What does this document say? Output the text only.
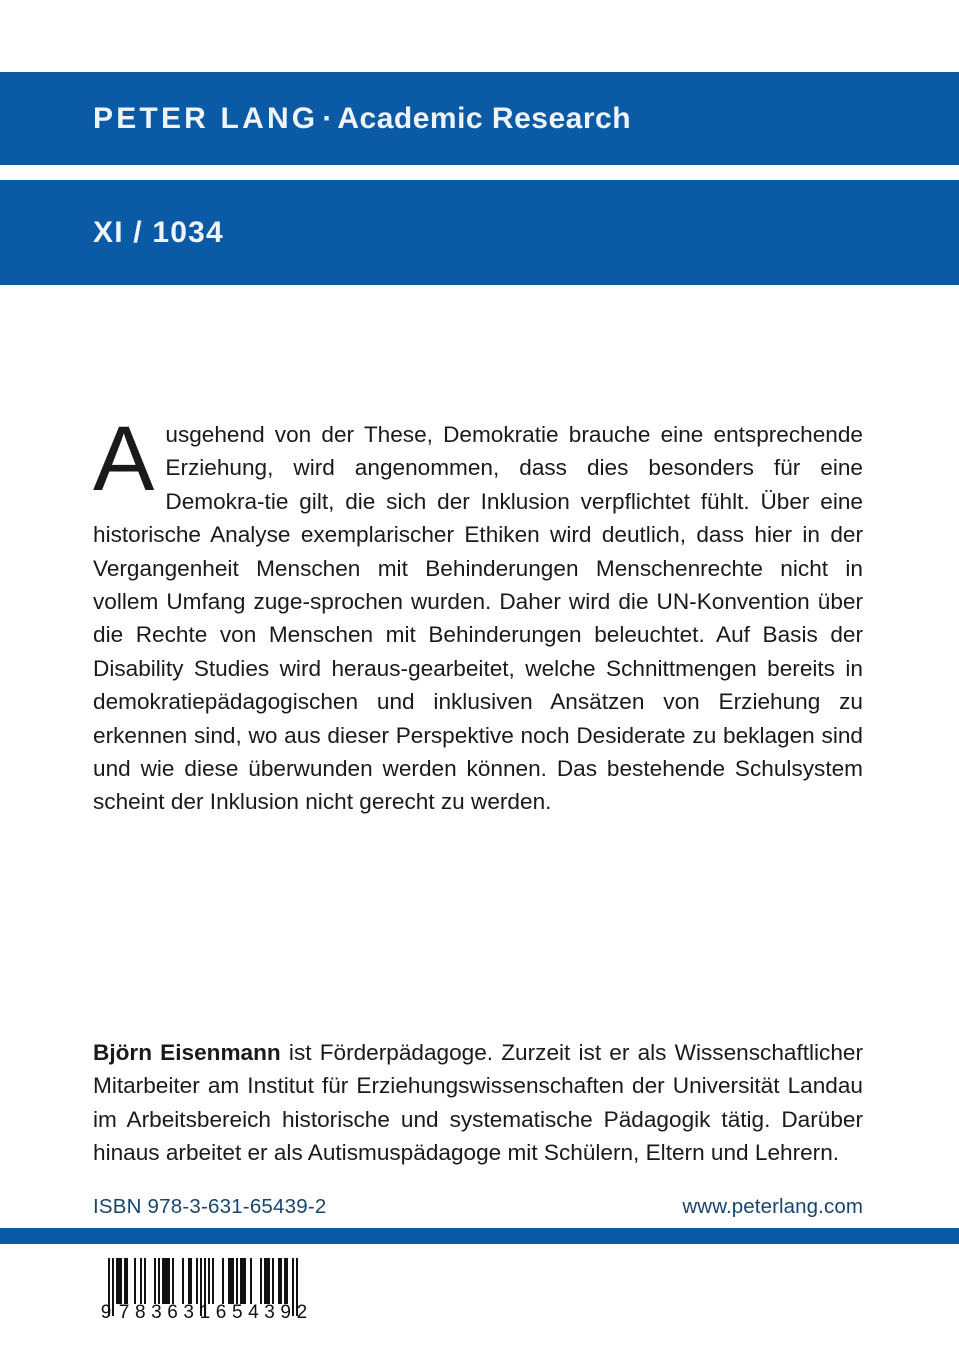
PETER LANG · Academic Research
XI / 1034
Ausgehend von der These, Demokratie brauche eine entsprechende Erziehung, wird angenommen, dass dies besonders für eine Demokra-tie gilt, die sich der Inklusion verpflichtet fühlt. Über eine historische Analyse exemplarischer Ethiken wird deutlich, dass hier in der Vergangenheit Menschen mit Behinderungen Menschenrechte nicht in vollem Umfang zuge-sprochen wurden. Daher wird die UN-Konvention über die Rechte von Menschen mit Behinderungen beleuchtet. Auf Basis der Disability Studies wird heraus-gearbeitet, welche Schnittmengen bereits in demokratiepädagogischen und inklusiven Ansätzen von Erziehung zu erkennen sind, wo aus dieser Perspektive noch Desiderate zu beklagen sind und wie diese überwunden werden können. Das bestehende Schulsystem scheint der Inklusion nicht gerecht zu werden.
Björn Eisenmann ist Förderpädagoge. Zurzeit ist er als Wissenschaftlicher Mitarbeiter am Institut für Erziehungswissenschaften der Universität Landau im Arbeitsbereich historische und systematische Pädagogik tätig. Darüber hinaus arbeitet er als Autismuspädagoge mit Schülern, Eltern und Lehrern.
ISBN 978-3-631-65439-2	www.peterlang.com
9 7 8 3 6 3 1 6 5 4 3 9 2
